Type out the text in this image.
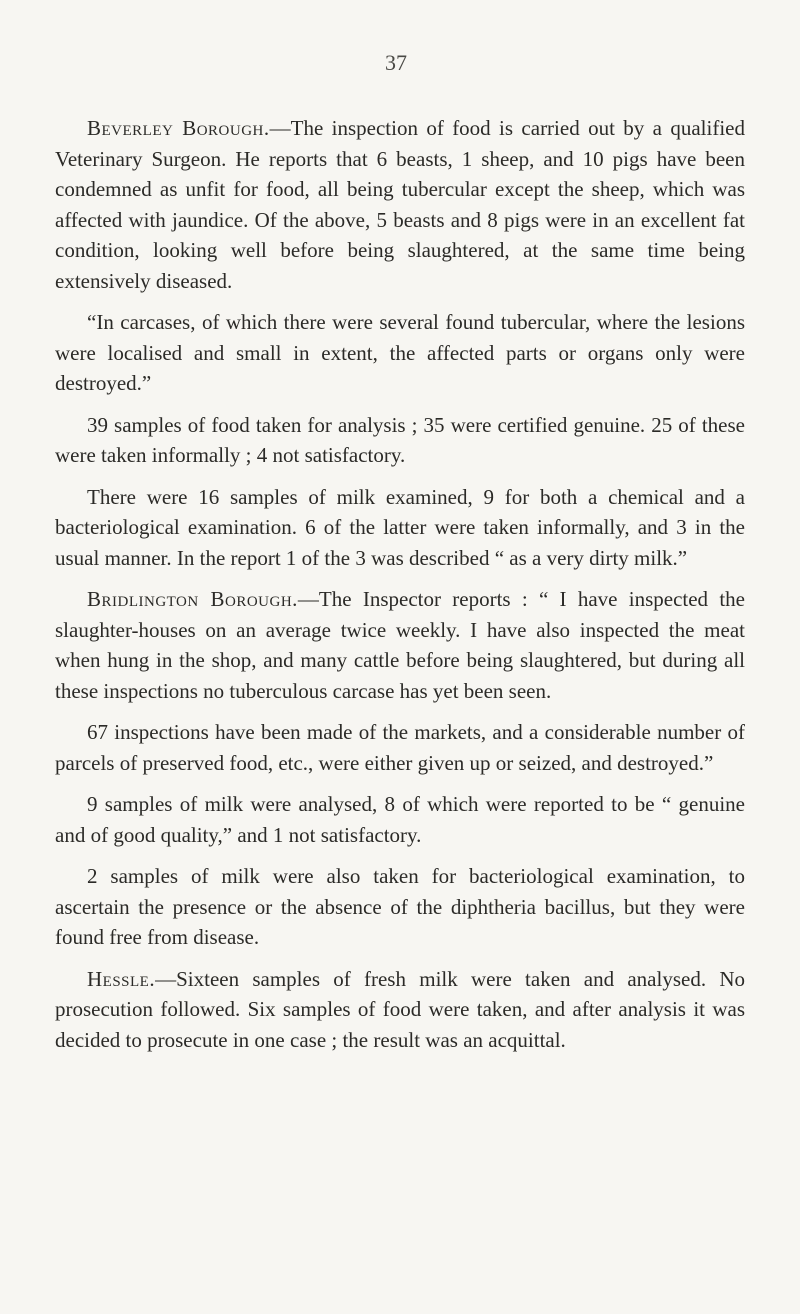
37

Beverley Borough.—The inspection of food is carried out by a qualified Veterinary Surgeon. He reports that 6 beasts, 1 sheep, and 10 pigs have been condemned as unfit for food, all being tubercular except the sheep, which was affected with jaundice. Of the above, 5 beasts and 8 pigs were in an excellent fat condition, looking well before being slaughtered, at the same time being extensively diseased.

“In carcases, of which there were several found tubercular, where the lesions were localised and small in extent, the affected parts or organs only were destroyed.”

39 samples of food taken for analysis ; 35 were certified genuine. 25 of these were taken informally ; 4 not satisfactory.

There were 16 samples of milk examined, 9 for both a chemical and a bacteriological examination. 6 of the latter were taken informally, and 3 in the usual manner. In the report 1 of the 3 was described “ as a very dirty milk.”

Bridlington Borough.—The Inspector reports : “ I have inspected the slaughter-houses on an average twice weekly. I have also inspected the meat when hung in the shop, and many cattle before being slaughtered, but during all these inspections no tuberculous carcase has yet been seen.

67 inspections have been made of the markets, and a considerable number of parcels of preserved food, etc., were either given up or seized, and destroyed.”

9 samples of milk were analysed, 8 of which were reported to be “ genuine and of good quality,” and 1 not satisfactory.

2 samples of milk were also taken for bacteriological examination, to ascertain the presence or the absence of the diphtheria bacillus, but they were found free from disease.

Hessle.—Sixteen samples of fresh milk were taken and analysed. No prosecution followed. Six samples of food were taken, and after analysis it was decided to prosecute in one case ; the result was an acquittal.
